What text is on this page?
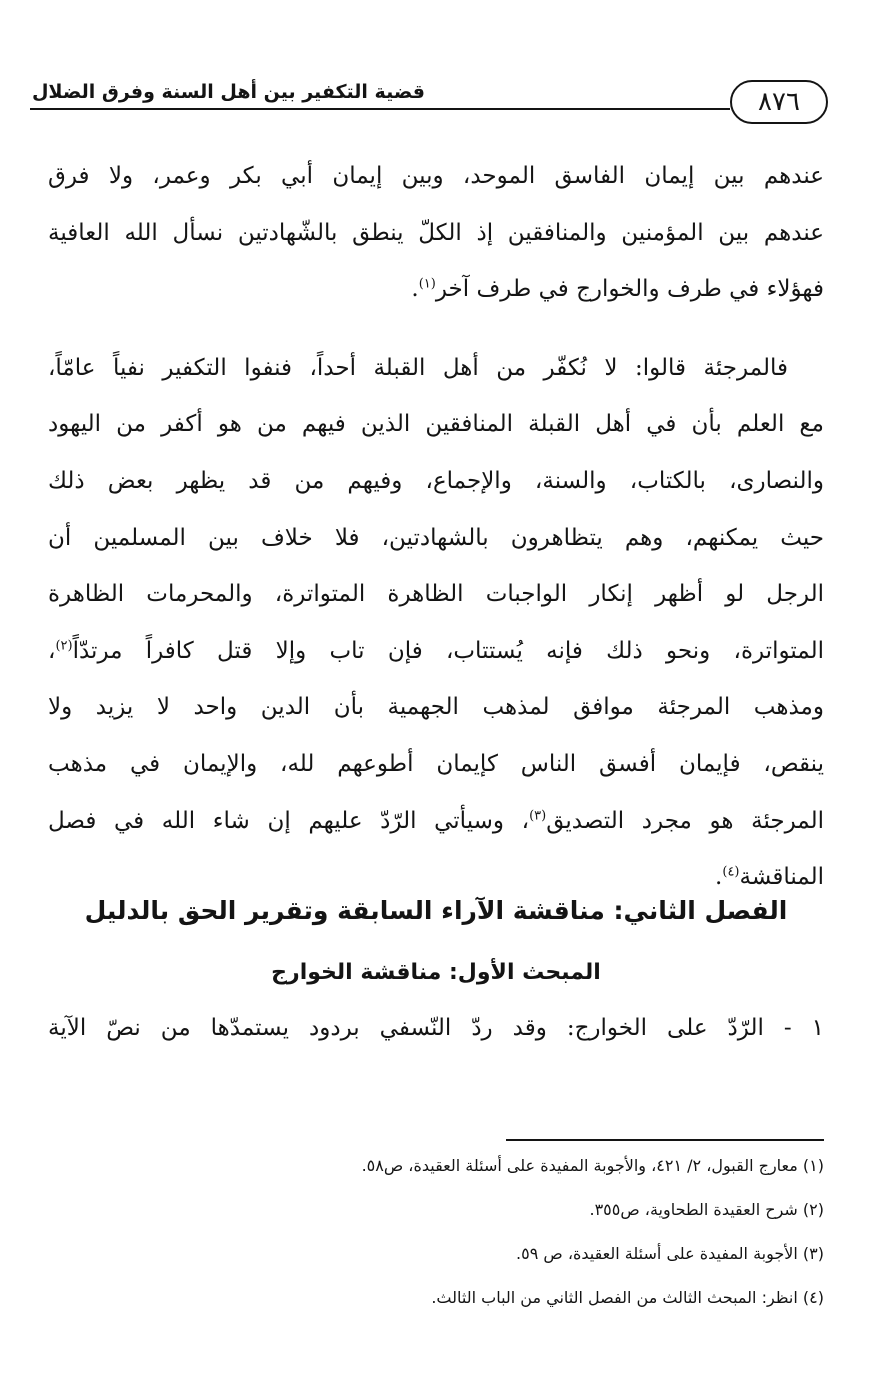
قضية التكفير بين أهل السنة وفرق الضلال	٨٧٦
عندهم بين إيمان الفاسق الموحد، وبين إيمان أبي بكر وعمر، ولا فرق
عندهم بين المؤمنين والمنافقين إذ الكلّ ينطق بالشّهادتين نسأل الله العافية
فهؤلاء في طرف والخوارج في طرف آخر$^{(١)}$.
فالمرجئة قالوا: لا نُكفّر من أهل القبلة أحداً، فنفوا التكفير نفياً عامّاً،
مع العلم بأن في أهل القبلة المنافقين الذين فيهم من هو أكفر من اليهود
والنصارى، بالكتاب، والسنة، والإجماع، وفيهم من قد يظهر بعض ذلك
حيث يمكنهم، وهم يتظاهرون بالشهادتين، فلا خلاف بين المسلمين أن
الرجل لو أظهر إنكار الواجبات الظاهرة المتواترة، والمحرمات الظاهرة
المتواترة، ونحو ذلك فإنه يُستتاب، فإن تاب وإلا قتل كافراً مرتدّاً$^{(٢)}$،
ومذهب المرجئة موافق لمذهب الجهمية بأن الدين واحد لا يزيد ولا
ينقص، فإيمان أفسق الناس كإيمان أطوعهم لله، والإيمان في مذهب
المرجئة هو مجرد التصديق$^{(٣)}$، وسيأتي الرّدّ عليهم إن شاء الله في فصل
المناقشة$^{(٤)}$.
الفصل الثاني: مناقشة الآراء السابقة وتقرير الحق بالدليل
المبحث الأول: مناقشة الخوارج
١ - الرّدّ على الخوارج: وقد ردّ النّسفي بردود يستمدّها من نصّ الآية
(١) معارج القبول، ٢/ ٤٢١، والأجوبة المفيدة على أسئلة العقيدة، ص٥٨.
(٢) شرح العقيدة الطحاوية، ص٣٥٥.
(٣) الأجوبة المفيدة على أسئلة العقيدة، ص ٥٩.
(٤) انظر: المبحث الثالث من الفصل الثاني من الباب الثالث.
